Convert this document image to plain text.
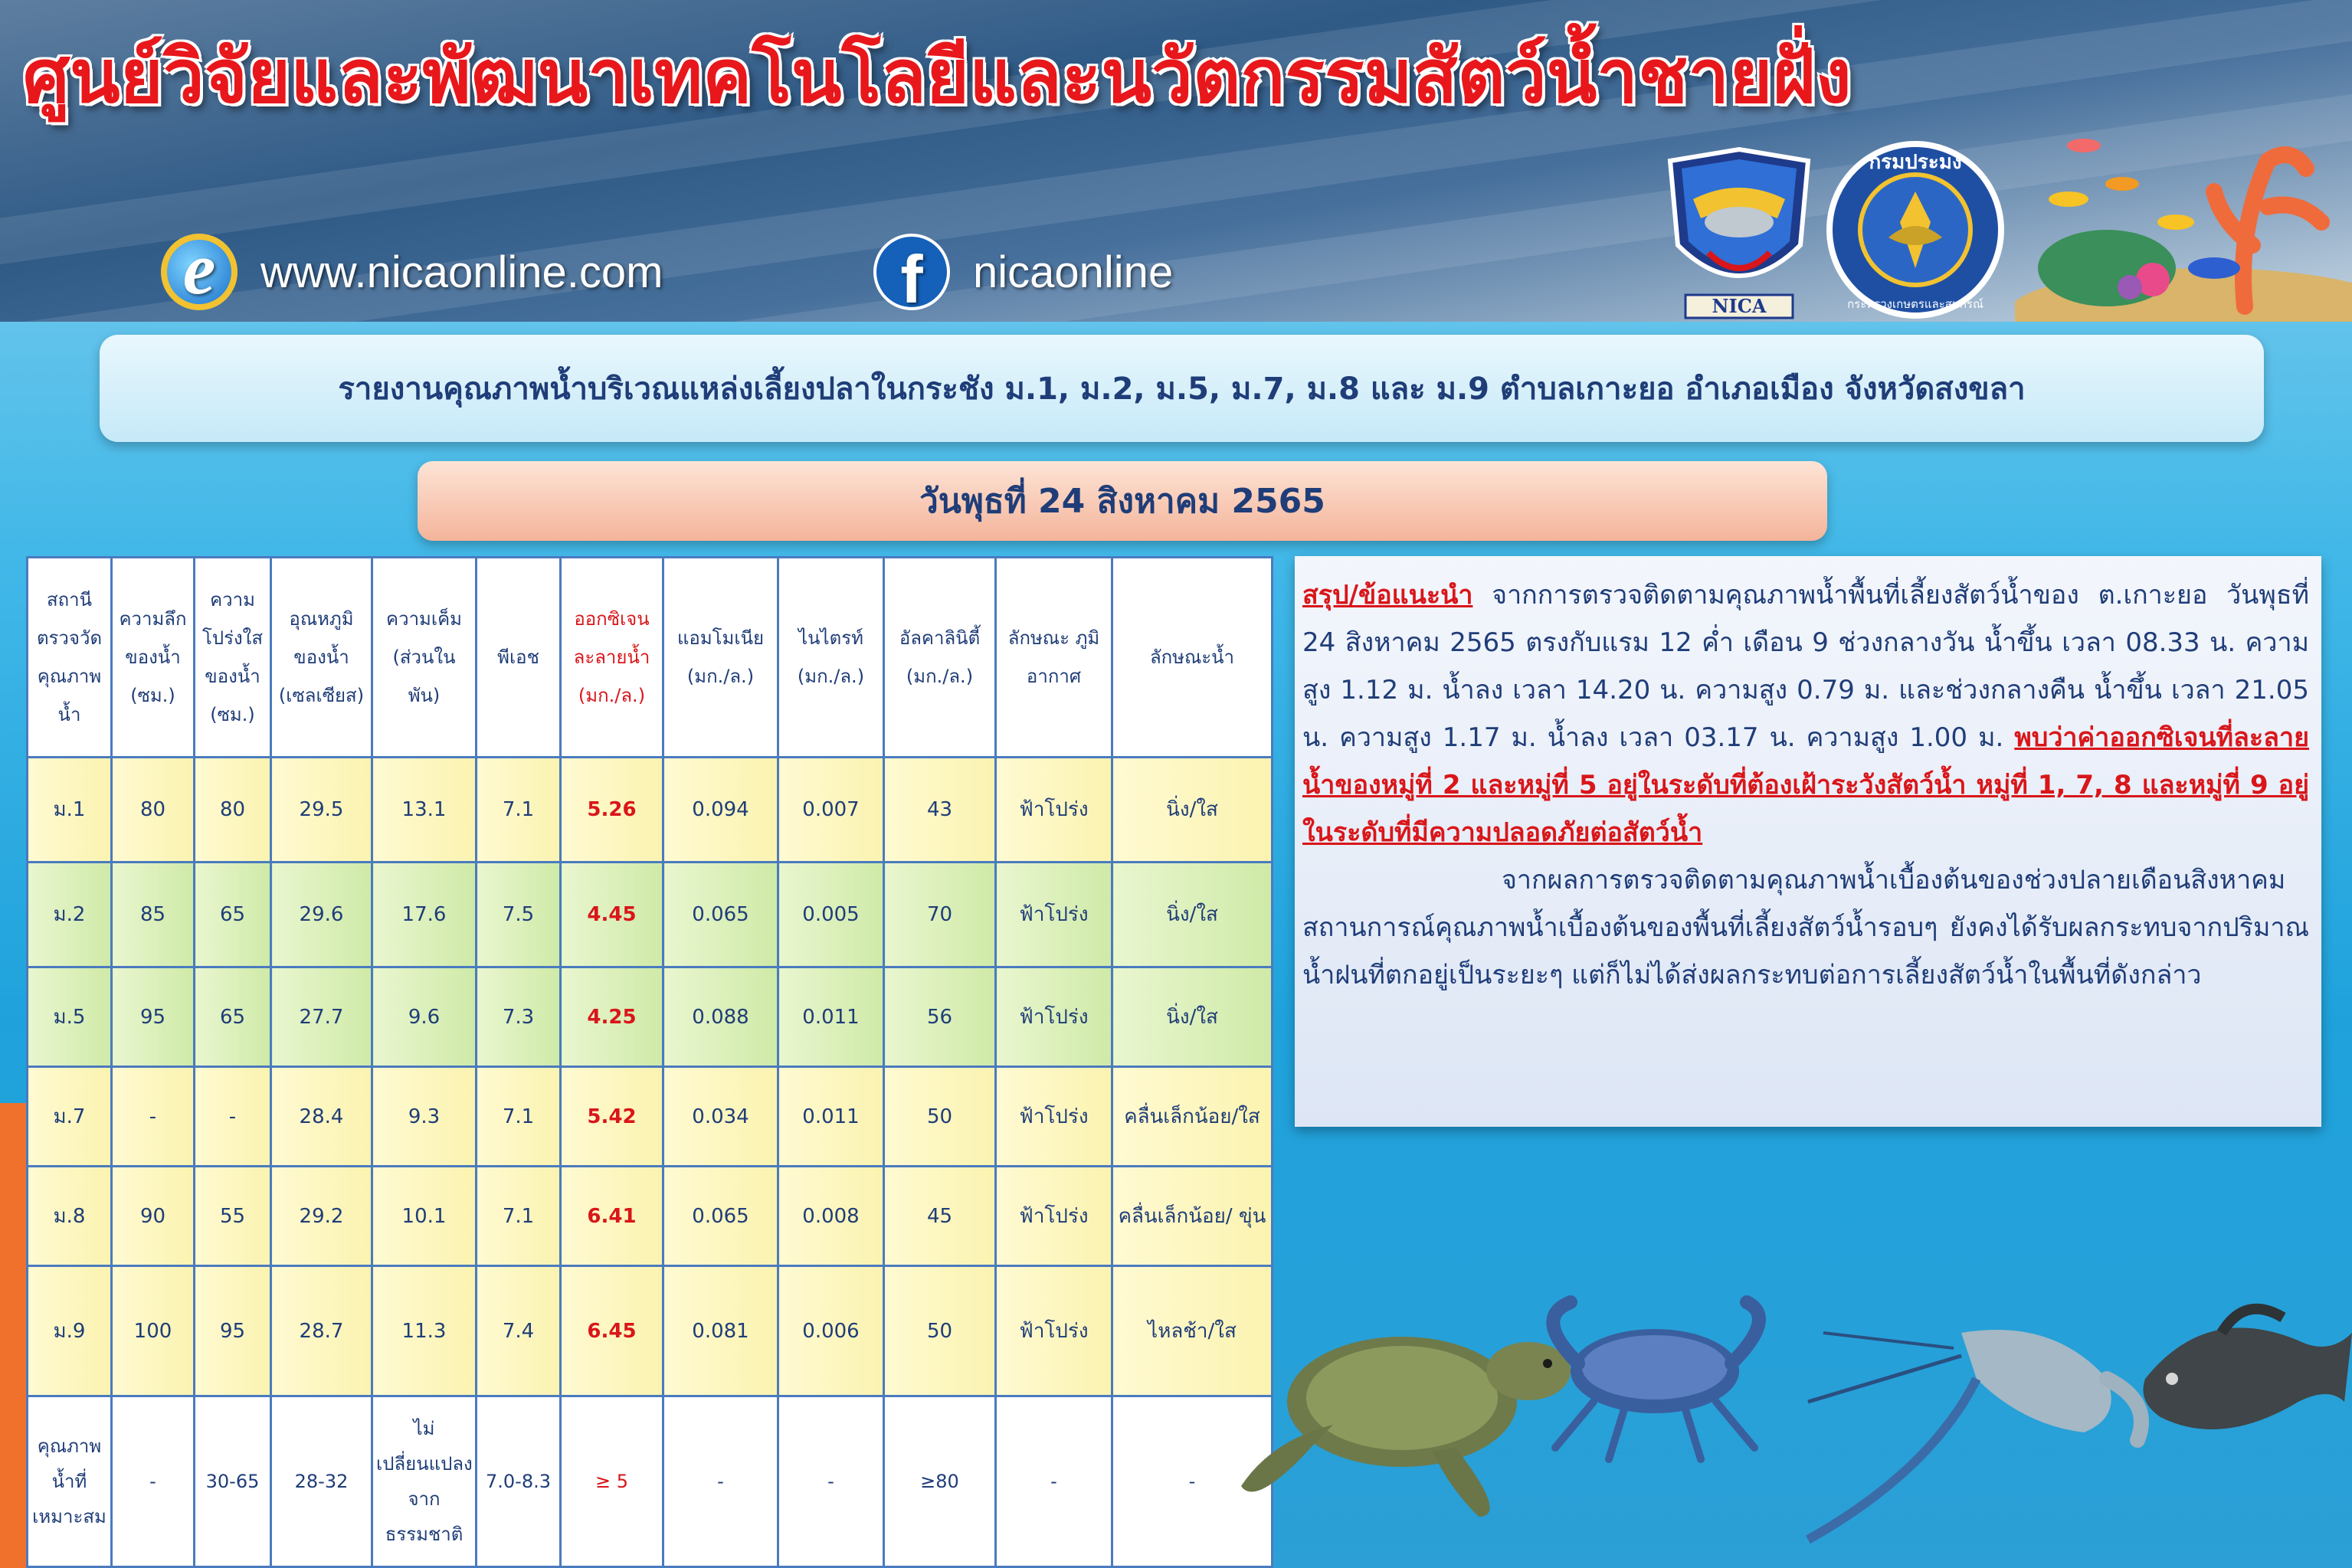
ศูนย์วิจัยและพัฒนาเทคโนโลยีและนวัตกรรมสัตว์น้ำชายฝั่ง
e	www.nicaonline.com	f	nicaonline
NICA
กรมประมง
กระทรวงเกษตรและสหกรณ์
รายงานคุณภาพน้ำบริเวณแหล่งเลี้ยงปลาในกระชัง ม.1, ม.2, ม.5, ม.7, ม.8 และ ม.9 ตำบลเกาะยอ อำเภอเมือง จังหวัดสงขลา
วันพุธที่ 24 สิงหาคม 2565
สถานี ตรวจวัด คุณภาพ น้ำ	ความลึก ของน้ำ (ซม.)	ความ โปร่งใส ของน้ำ (ซม.)	อุณหภูมิ ของน้ำ (เซลเซียส)	ความเค็ม (ส่วนใน พัน)	พีเอช	ออกซิเจน ละลายน้ำ (มก./ล.)	แอมโมเนีย (มก./ล.)	ไนไตรท์ (มก./ล.)	อัลคาลินิตี้ (มก./ล.)	ลักษณะ ภูมิอากาศ	ลักษณะน้ำ
ม.1	80	80	29.5	13.1	7.1	5.26	0.094	0.007	43	ฟ้าโปร่ง	นิ่ง/ใส
ม.2	85	65	29.6	17.6	7.5	4.45	0.065	0.005	70	ฟ้าโปร่ง	นิ่ง/ใส
ม.5	95	65	27.7	9.6	7.3	4.25	0.088	0.011	56	ฟ้าโปร่ง	นิ่ง/ใส
ม.7	-	-	28.4	9.3	7.1	5.42	0.034	0.011	50	ฟ้าโปร่ง	คลื่นเล็กน้อย/ใส
ม.8	90	55	29.2	10.1	7.1	6.41	0.065	0.008	45	ฟ้าโปร่ง	คลื่นเล็กน้อย/ ขุ่น
ม.9	100	95	28.7	11.3	7.4	6.45	0.081	0.006	50	ฟ้าโปร่ง	ไหลช้า/ใส
คุณภาพ น้ำที่ เหมาะสม	-	30-65	28-32	ไม่ เปลี่ยนแปลง จาก ธรรมชาติ	7.0-8.3	≥ 5	-	-	≥80	-	-

สรุป/ข้อแนะนำ จากการตรวจติดตามคุณภาพน้ำพื้นที่เลี้ยงสัตว์น้ำของ ต.เกาะยอ วันพุธที่ 24 สิงหาคม 2565 ตรงกับแรม 12 ค่ำ เดือน 9 ช่วงกลางวัน น้ำขึ้น เวลา 08.33 น. ความสูง 1.12 ม. น้ำลง เวลา 14.20 น. ความสูง 0.79 ม. และช่วงกลางคืน น้ำขึ้น เวลา 21.05 น. ความสูง 1.17 ม. น้ำลง เวลา 03.17 น. ความสูง 1.00 ม. พบว่าค่าออกซิเจนที่ละลายน้ำของหมู่ที่ 2 และหมู่ที่ 5 อยู่ในระดับที่ต้องเฝ้าระวังสัตว์น้ำ หมู่ที่ 1, 7, 8 และหมู่ที่ 9 อยู่ในระดับที่มีความปลอดภัยต่อสัตว์น้ำ

จากผลการตรวจติดตามคุณภาพน้ำเบื้องต้นของช่วงปลายเดือนสิงหาคม สถานการณ์คุณภาพน้ำเบื้องต้นของพื้นที่เลี้ยงสัตว์น้ำรอบๆ ยังคงได้รับผลกระทบจากปริมาณน้ำฝนที่ตกอยู่เป็นระยะๆ แต่ก็ไม่ได้ส่งผลกระทบต่อการเลี้ยงสัตว์น้ำในพื้นที่ดังกล่าว
